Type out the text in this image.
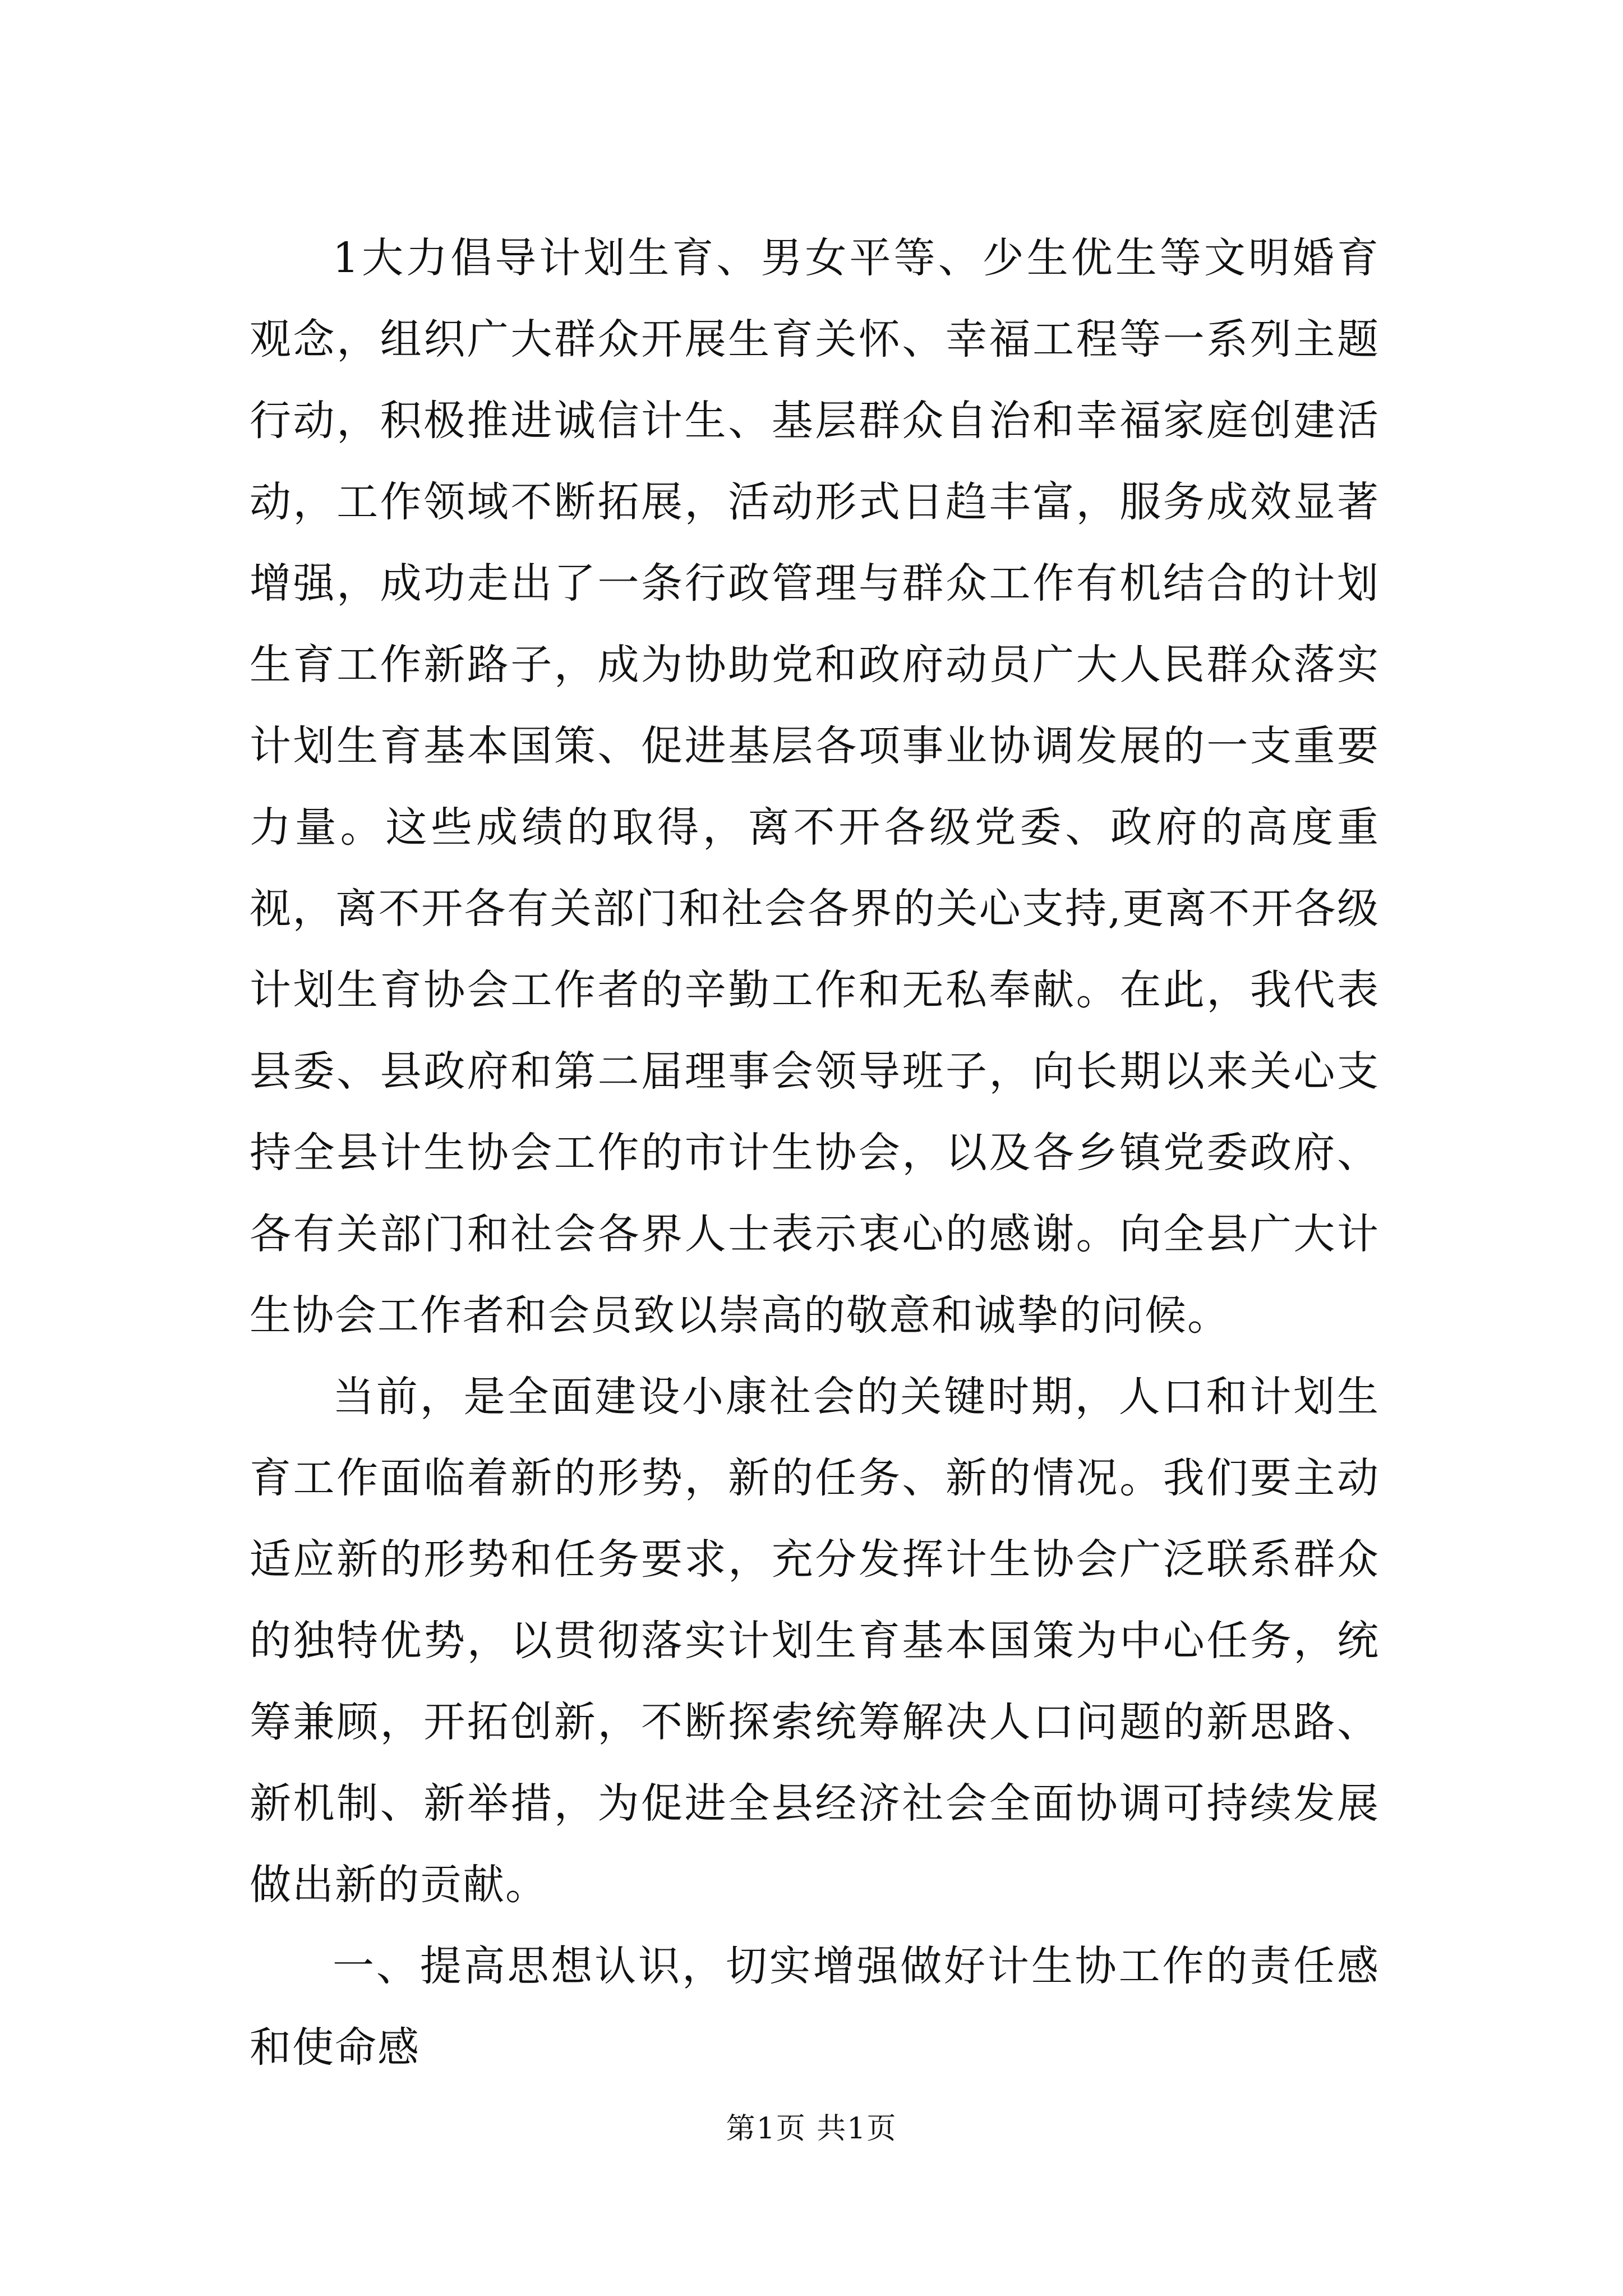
1大力倡导计划生育、男女平等、少生优生等文明婚育观念，组织广大群众开展生育关怀、幸福工程等一系列主题行动，积极推进诚信计生、基层群众自治和幸福家庭创建活动，工作领域不断拓展，活动形式日趋丰富，服务成效显著增强，成功走出了一条行政管理与群众工作有机结合的计划生育工作新路子，成为协助党和政府动员广大人民群众落实计划生育基本国策、促进基层各项事业协调发展的一支重要力量。这些成绩的取得，离不开各级党委、政府的高度重视，离不开各有关部门和社会各界的关心支持,更离不开各级计划生育协会工作者的辛勤工作和无私奉献。在此，我代表县委、县政府和第二届理事会领导班子，向长期以来关心支持全县计生协会工作的市计生协会，以及各乡镇党委政府、各有关部门和社会各界人士表示衷心的感谢。向全县广大计生协会工作者和会员致以崇高的敬意和诚挚的问候。

当前，是全面建设小康社会的关键时期，人口和计划生育工作面临着新的形势，新的任务、新的情况。我们要主动适应新的形势和任务要求，充分发挥计生协会广泛联系群众的独特优势，以贯彻落实计划生育基本国策为中心任务，统筹兼顾，开拓创新，不断探索统筹解决人口问题的新思路、新机制、新举措，为促进全县经济社会全面协调可持续发展做出新的贡献。

一、提高思想认识，切实增强做好计生协工作的责任感和使命感

第1页 共1页
